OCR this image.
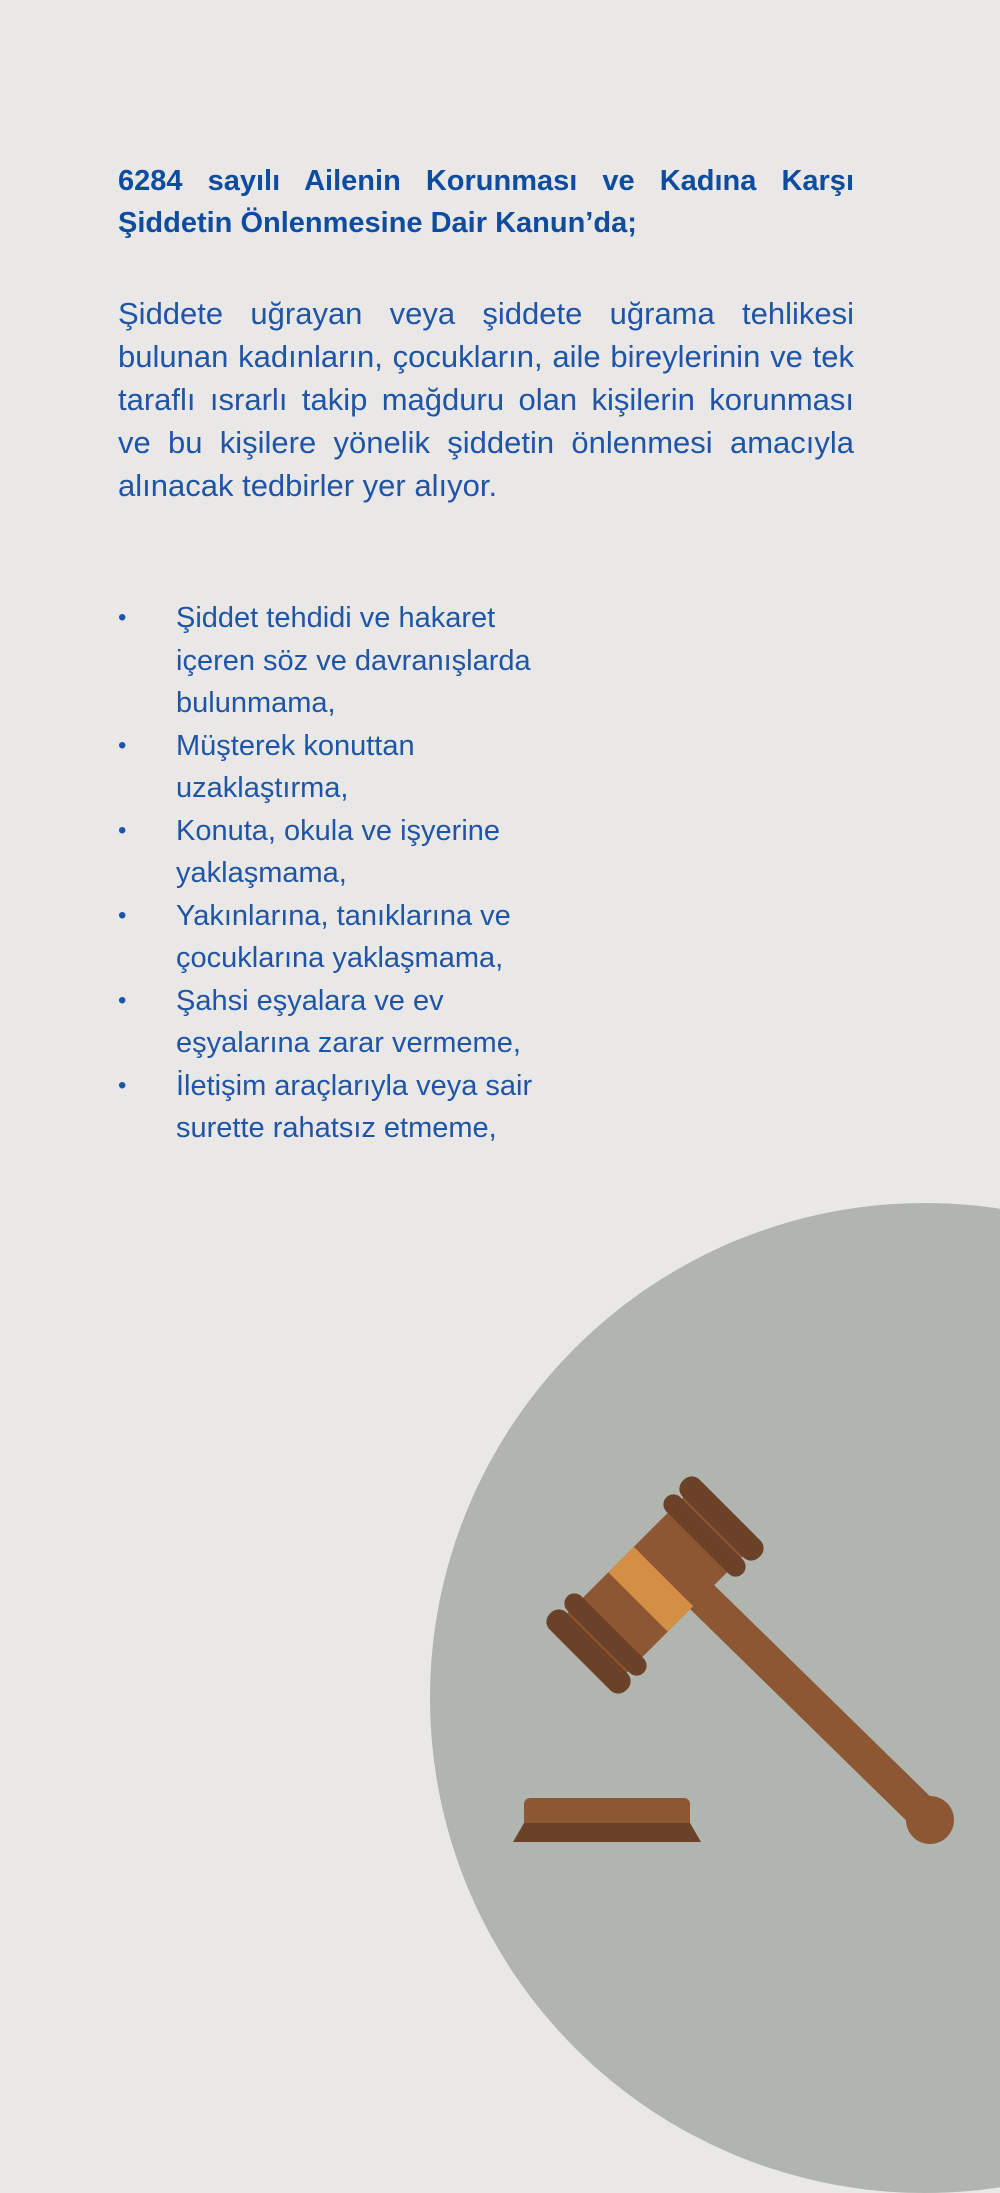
6284 sayılı Ailenin Korunması ve Kadına Karşı Şiddetin Önlenmesine Dair Kanun’da;

Şiddete uğrayan veya şiddete uğrama tehlikesi bulunan kadınların, çocukların, aile bireylerinin ve tek taraflı ısrarlı takip mağduru olan kişilerin korunması ve bu kişilere yönelik şiddetin önlenmesi amacıyla alınacak tedbirler yer alıyor.

• Şiddet tehdidi ve hakaret
içeren söz ve davranışlarda
bulunmama,
• Müşterek konuttan
uzaklaştırma,
• Konuta, okula ve işyerine
yaklaşmama,
• Yakınlarına, tanıklarına ve
çocuklarına yaklaşmama,
• Şahsi eşyalara ve ev
eşyalarına zarar vermeme,
• İletişim araçlarıyla veya sair
surette rahatsız etmeme,
